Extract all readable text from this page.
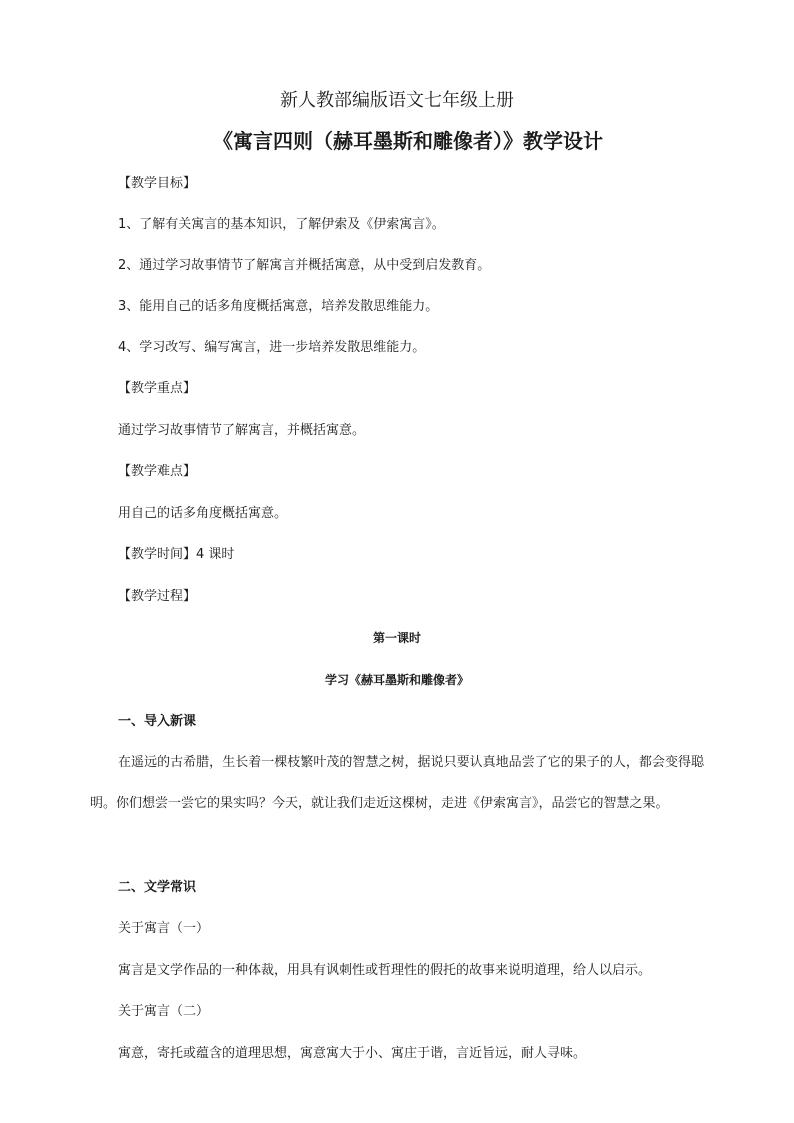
新人教部编版语文七年级上册
《寓言四则（赫耳墨斯和雕像者）》教学设计
【教学目标】
1、了解有关寓言的基本知识，了解伊索及《伊索寓言》。
2、通过学习故事情节了解寓言并概括寓意，从中受到启发教育。
3、能用自己的话多角度概括寓意，培养发散思维能力。
4、学习改写、编写寓言，进一步培养发散思维能力。
【教学重点】
通过学习故事情节了解寓言，并概括寓意。
【教学难点】
用自己的话多角度概括寓意。
【教学时间】4 课时
【教学过程】
第一课时
学习《赫耳墨斯和雕像者》
一、导入新课
在遥远的古希腊，生长着一棵枝繁叶茂的智慧之树，据说只要认真地品尝了它的果子的人，都会变得聪明。你们想尝一尝它的果实吗？今天，就让我们走近这棵树，走进《伊索寓言》，品尝它的智慧之果。
二、文学常识
关于寓言（一）
寓言是文学作品的一种体裁，用具有讽刺性或哲理性的假托的故事来说明道理，给人以启示。
关于寓言（二）
寓意，寄托或蕴含的道理思想，寓意寓大于小、寓庄于谐，言近旨远，耐人寻味。
